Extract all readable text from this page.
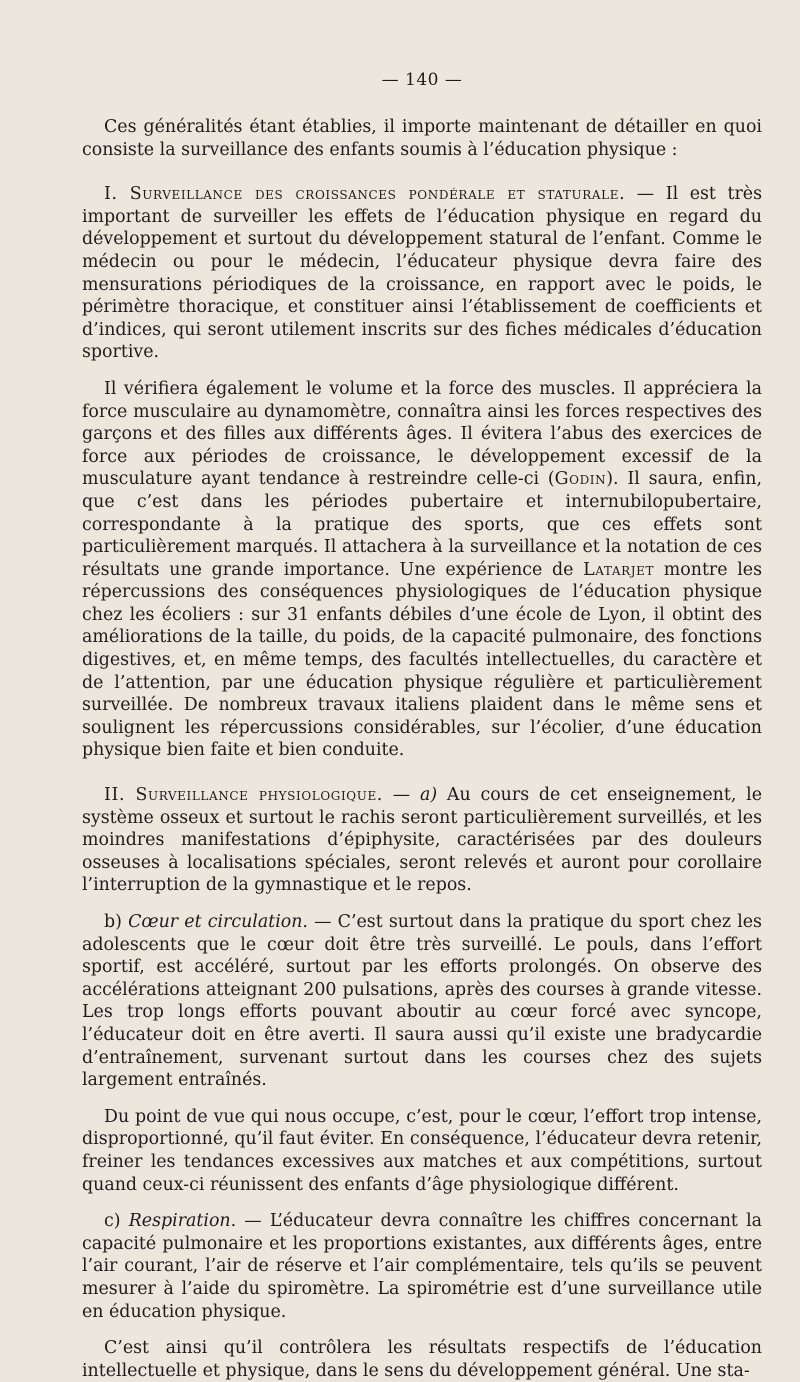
— 140 —

Ces généralités étant établies, il importe maintenant de détailler en quoi consiste la surveillance des enfants soumis à l’éducation physique :

I. Surveillance des croissances pondérale et staturale. — Il est très important de surveiller les effets de l’éducation physique en regard du développement et surtout du développement statural de l’enfant. Comme le médecin ou pour le médecin, l’éducateur physique devra faire des mensurations périodiques de la croissance, en rapport avec le poids, le périmètre thoracique, et constituer ainsi l’établissement de coefficients et d’indices, qui seront utilement inscrits sur des fiches médicales d’éducation sportive.

Il vérifiera également le volume et la force des muscles. Il appréciera la force musculaire au dynamomètre, connaîtra ainsi les forces respectives des garçons et des filles aux différents âges. Il évitera l’abus des exercices de force aux périodes de croissance, le développement excessif de la musculature ayant tendance à restreindre celle-ci (Godin). Il saura, enfin, que c’est dans les périodes pubertaire et internubilopubertaire, correspondante à la pratique des sports, que ces effets sont particulièrement marqués. Il attachera à la surveillance et la notation de ces résultats une grande importance. Une expérience de Latarjet montre les répercussions des conséquences physiologiques de l’éducation physique chez les écoliers : sur 31 enfants débiles d’une école de Lyon, il obtint des améliorations de la taille, du poids, de la capacité pulmonaire, des fonctions digestives, et, en même temps, des facultés intellectuelles, du caractère et de l’attention, par une éducation physique régulière et particulièrement surveillée. De nombreux travaux italiens plaident dans le même sens et soulignent les répercussions considérables, sur l’écolier, d’une éducation physique bien faite et bien conduite.

II. Surveillance physiologique. — a) Au cours de cet enseignement, le système osseux et surtout le rachis seront particulièrement surveillés, et les moindres manifestations d’épiphysite, caractérisées par des douleurs osseuses à localisations spéciales, seront relevés et auront pour corollaire l’interruption de la gymnastique et le repos.

b) Cœur et circulation. — C’est surtout dans la pratique du sport chez les adolescents que le cœur doit être très surveillé. Le pouls, dans l’effort sportif, est accéléré, surtout par les efforts prolongés. On observe des accélérations atteignant 200 pulsations, après des courses à grande vitesse. Les trop longs efforts pouvant aboutir au cœur forcé avec syncope, l’éducateur doit en être averti. Il saura aussi qu’il existe une bradycardie d’entraînement, survenant surtout dans les courses chez des sujets largement entraînés.

Du point de vue qui nous occupe, c’est, pour le cœur, l’effort trop intense, disproportionné, qu’il faut éviter. En conséquence, l’éducateur devra retenir, freiner les tendances excessives aux matches et aux compétitions, surtout quand ceux-ci réunissent des enfants d’âge physiologique différent.

c) Respiration. — L’éducateur devra connaître les chiffres concernant la capacité pulmonaire et les proportions existantes, aux différents âges, entre l’air courant, l’air de réserve et l’air complémentaire, tels qu’ils se peuvent mesurer à l’aide du spiromètre. La spirométrie est d’une surveillance utile en éducation physique.

C’est ainsi qu’il contrôlera les résultats respectifs de l’éducation intellectuelle et physique, dans le sens du développement général. Une sta-
